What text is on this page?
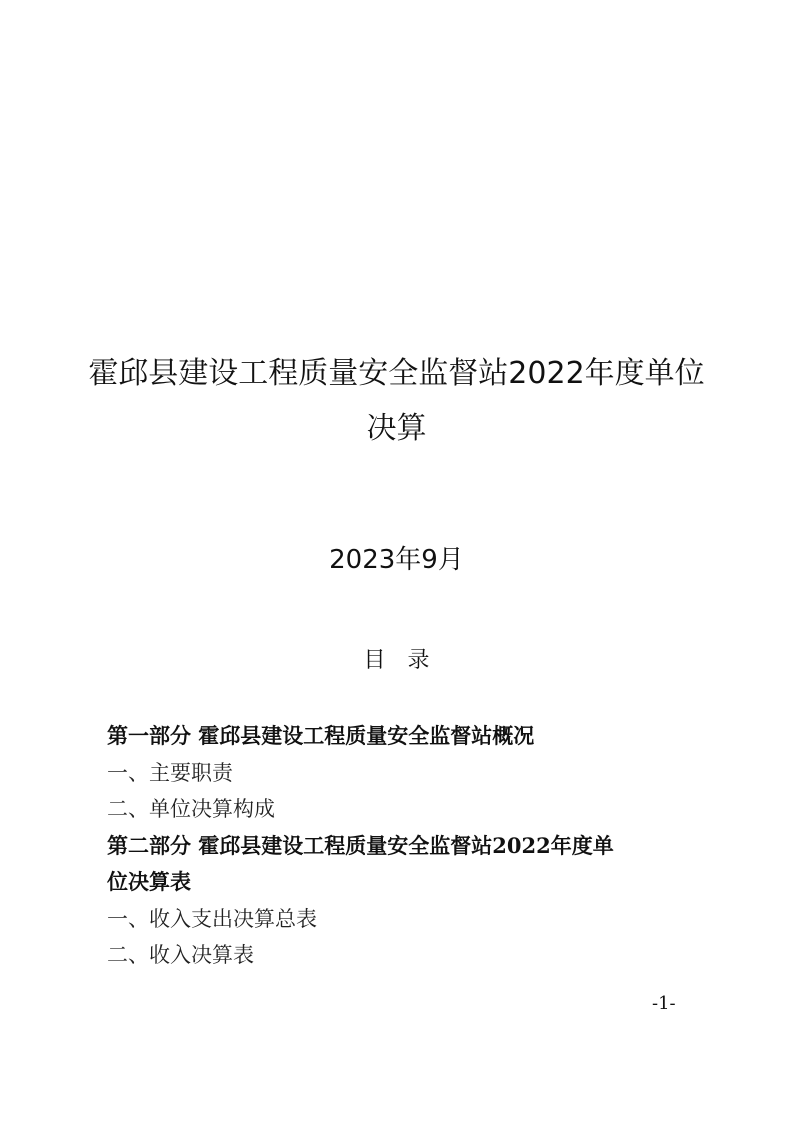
霍邱县建设工程质量安全监督站2022年度单位
决算
2023年9月
目录
第一部分 霍邱县建设工程质量安全监督站概况
一、主要职责
二、单位决算构成
第二部分 霍邱县建设工程质量安全监督站2022年度单
位决算表
一、收入支出决算总表
二、收入决算表
-1-
